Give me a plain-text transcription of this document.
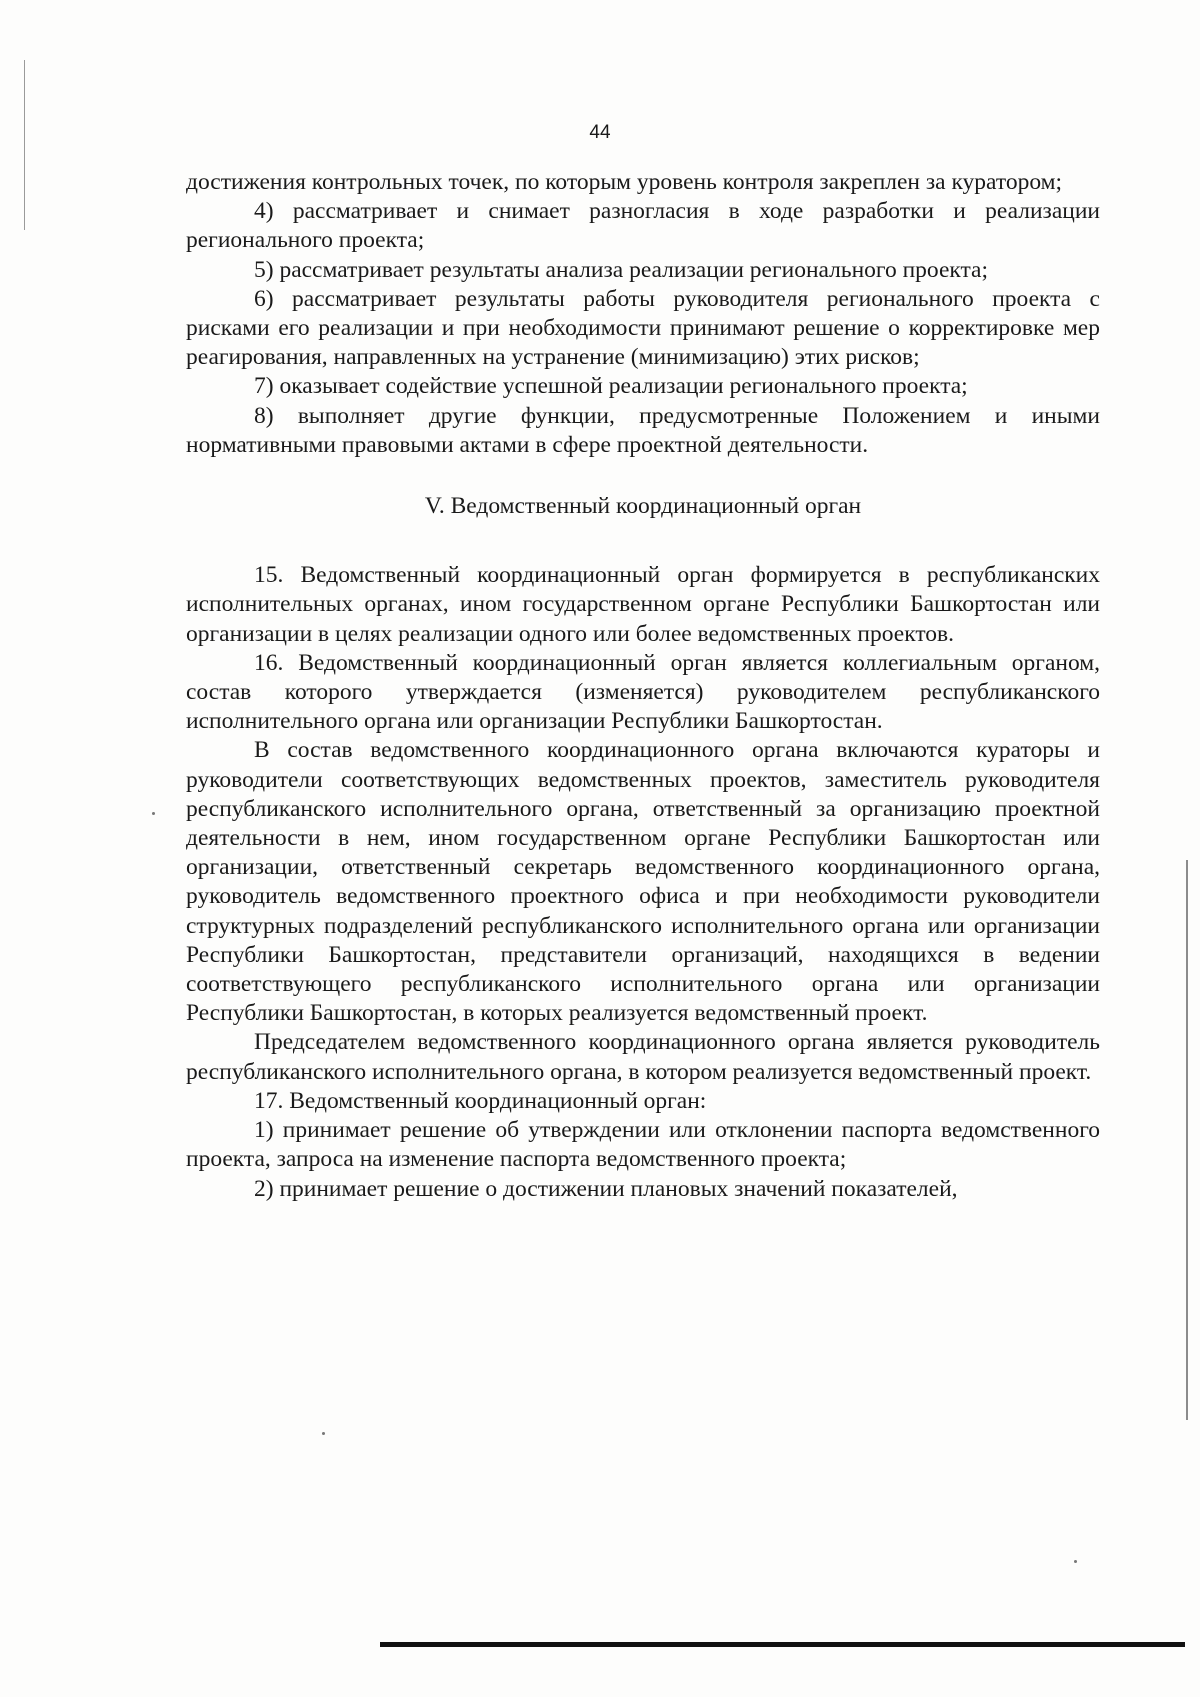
44

достижения контрольных точек, по которым уровень контроля закреплен за куратором;

4) рассматривает и снимает разногласия в ходе разработки и реализации регионального проекта;

5) рассматривает результаты анализа реализации регионального проекта;

6) рассматривает результаты работы руководителя регионального проекта с рисками его реализации и при необходимости принимают решение о корректировке мер реагирования, направленных на устранение (минимизацию) этих рисков;

7) оказывает содействие успешной реализации регионального проекта;

8) выполняет другие функции, предусмотренные Положением и иными нормативными правовыми актами в сфере проектной деятельности.

V. Ведомственный координационный орган

15. Ведомственный координационный орган формируется в республиканских исполнительных органах, ином государственном органе Республики Башкортостан или организации в целях реализации одного или более ведомственных проектов.

16. Ведомственный координационный орган является коллегиальным органом, состав которого утверждается (изменяется) руководителем республиканского исполнительного органа или организации Республики Башкортостан.

В состав ведомственного координационного органа включаются кураторы и руководители соответствующих ведомственных проектов, заместитель руководителя республиканского исполнительного органа, ответственный за организацию проектной деятельности в нем, ином государственном органе Республики Башкортостан или организации, ответственный секретарь ведомственного координационного органа, руководитель ведомственного проектного офиса и при необходимости руководители структурных подразделений республиканского исполнительного органа или организации Республики Башкортостан, представители организаций, находящихся в ведении соответствующего республиканского исполнительного органа или организации Республики Башкортостан, в которых реализуется ведомственный проект.

Председателем ведомственного координационного органа является руководитель республиканского исполнительного органа, в котором реализуется ведомственный проект.

17. Ведомственный координационный орган:

1) принимает решение об утверждении или отклонении паспорта ведомственного проекта, запроса на изменение паспорта ведомственного проекта;

2) принимает решение о достижении плановых значений показателей,
